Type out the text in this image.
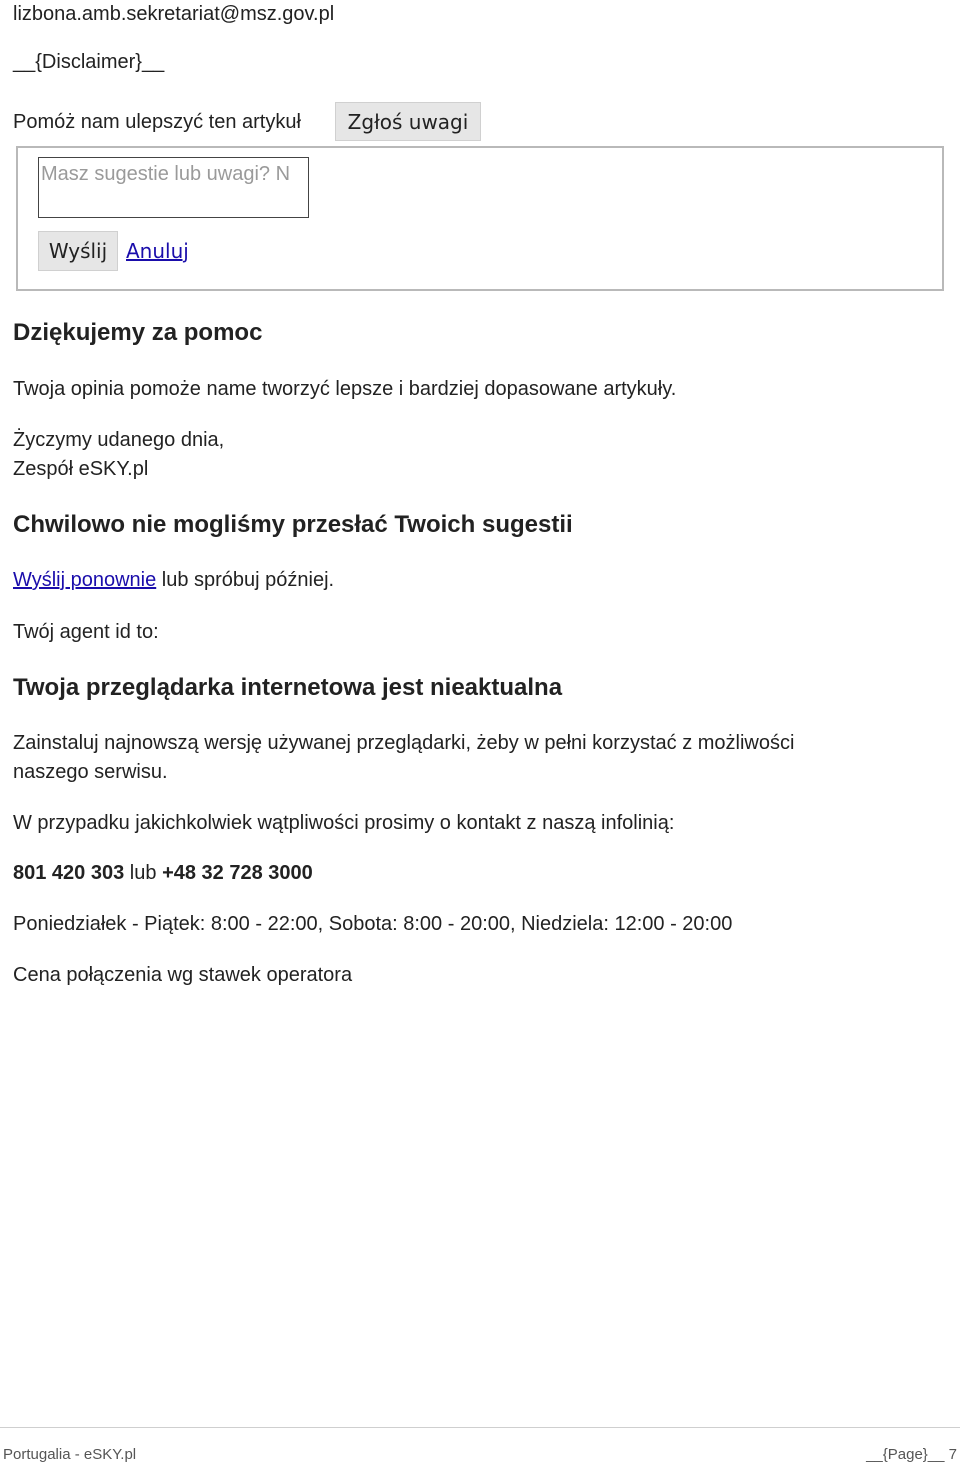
lizbona.amb.sekretariat@msz.gov.pl
__{Disclaimer}__
Pomóż nam ulepszyć ten artykuł	Zgłoś uwagi
Masz sugestie lub uwagi? N
Wyślij Anuluj
Dziękujemy za pomoc
Twoja opinia pomoże name tworzyć lepsze i bardziej dopasowane artykuły.
Życzymy udanego dnia,
Zespół eSKY.pl
Chwilowo nie mogliśmy przesłać Twoich sugestii
Wyślij ponownie lub spróbuj później.
Twój agent id to:
Twoja przeglądarka internetowa jest nieaktualna
Zainstaluj najnowszą wersję używanej przeglądarki, żeby w pełni korzystać z możliwości
naszego serwisu.
W przypadku jakichkolwiek wątpliwości prosimy o kontakt z naszą infolinią:
801 420 303 lub +48 32 728 3000
Poniedziałek - Piątek: 8:00 - 22:00, Sobota: 8:00 - 20:00, Niedziela: 12:00 - 20:00
Cena połączenia wg stawek operatora
Portugalia - eSKY.pl	__{Page}__ 7
